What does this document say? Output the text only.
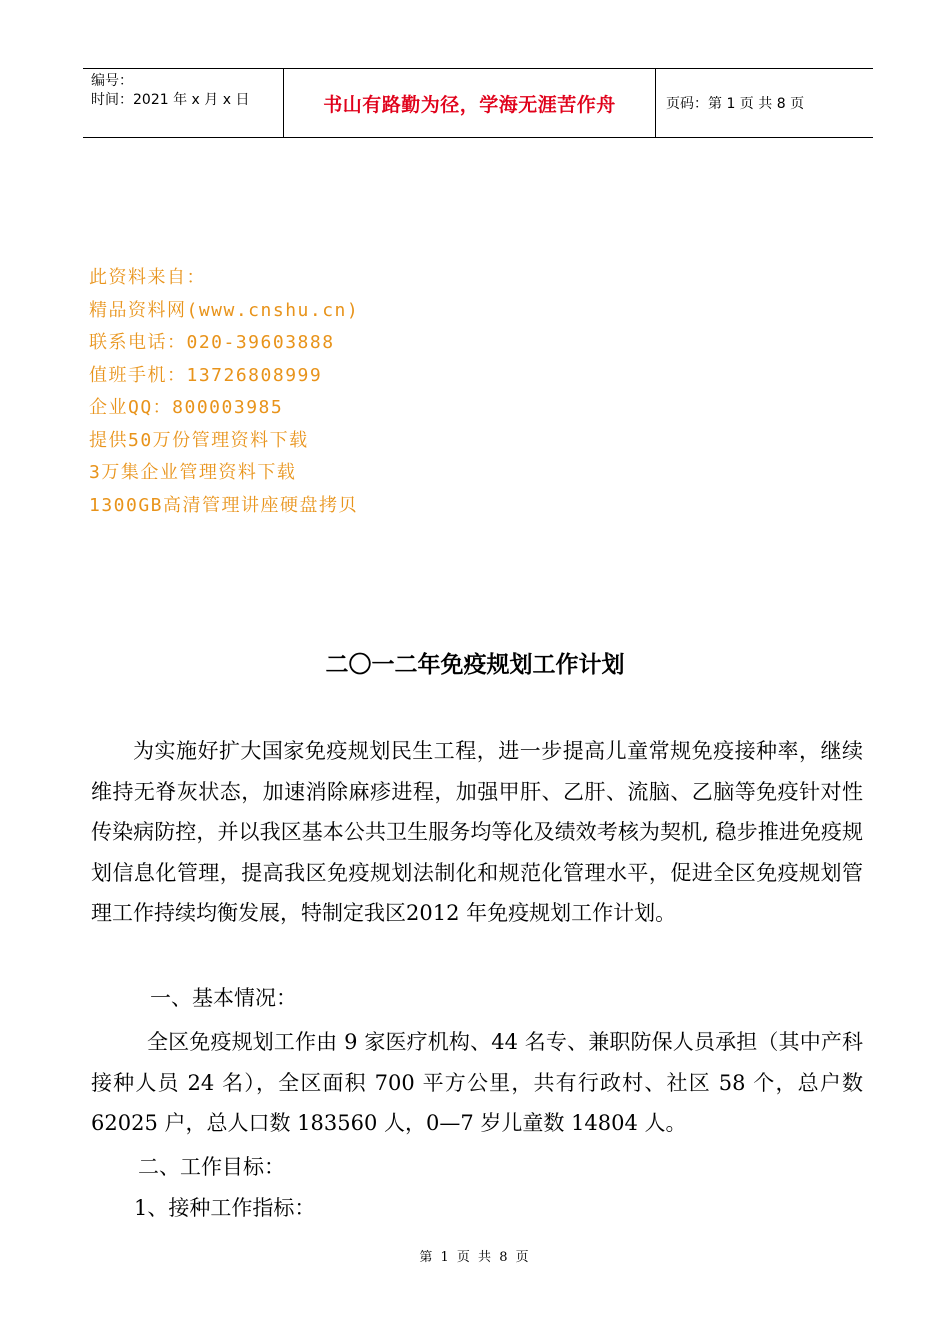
编号：
时间：2021 年 x 月 x 日	书山有路勤为径，学海无涯苦作舟	页码：第 1 页 共 8 页
此资料来自：
精品资料网(www.cnshu.cn)
联系电话：020-39603888
值班手机：13726808999
企业QQ：800003985
提供50万份管理资料下载
3万集企业管理资料下载
1300GB高清管理讲座硬盘拷贝
二〇一二年免疫规划工作计划
为实施好扩大国家免疫规划民生工程，进一步提高儿童常规免疫接种率，继续维持无脊灰状态，加速消除麻疹进程，加强甲肝、乙肝、流脑、乙脑等免疫针对性传染病防控，并以我区基本公共卫生服务均等化及绩效考核为契机, 稳步推进免疫规划信息化管理，提高我区免疫规划法制化和规范化管理水平，促进全区免疫规划管理工作持续均衡发展，特制定我区2012 年免疫规划工作计划。
一、基本情况：
全区免疫规划工作由 9 家医疗机构、44 名专、兼职防保人员承担（其中产科接种人员 24 名），全区面积 700 平方公里，共有行政村、社区 58 个，总户数 62025 户，总人口数 183560 人，0—7 岁儿童数 14804 人。
二、工作目标：
1、接种工作指标：
第 1 页 共 8 页
